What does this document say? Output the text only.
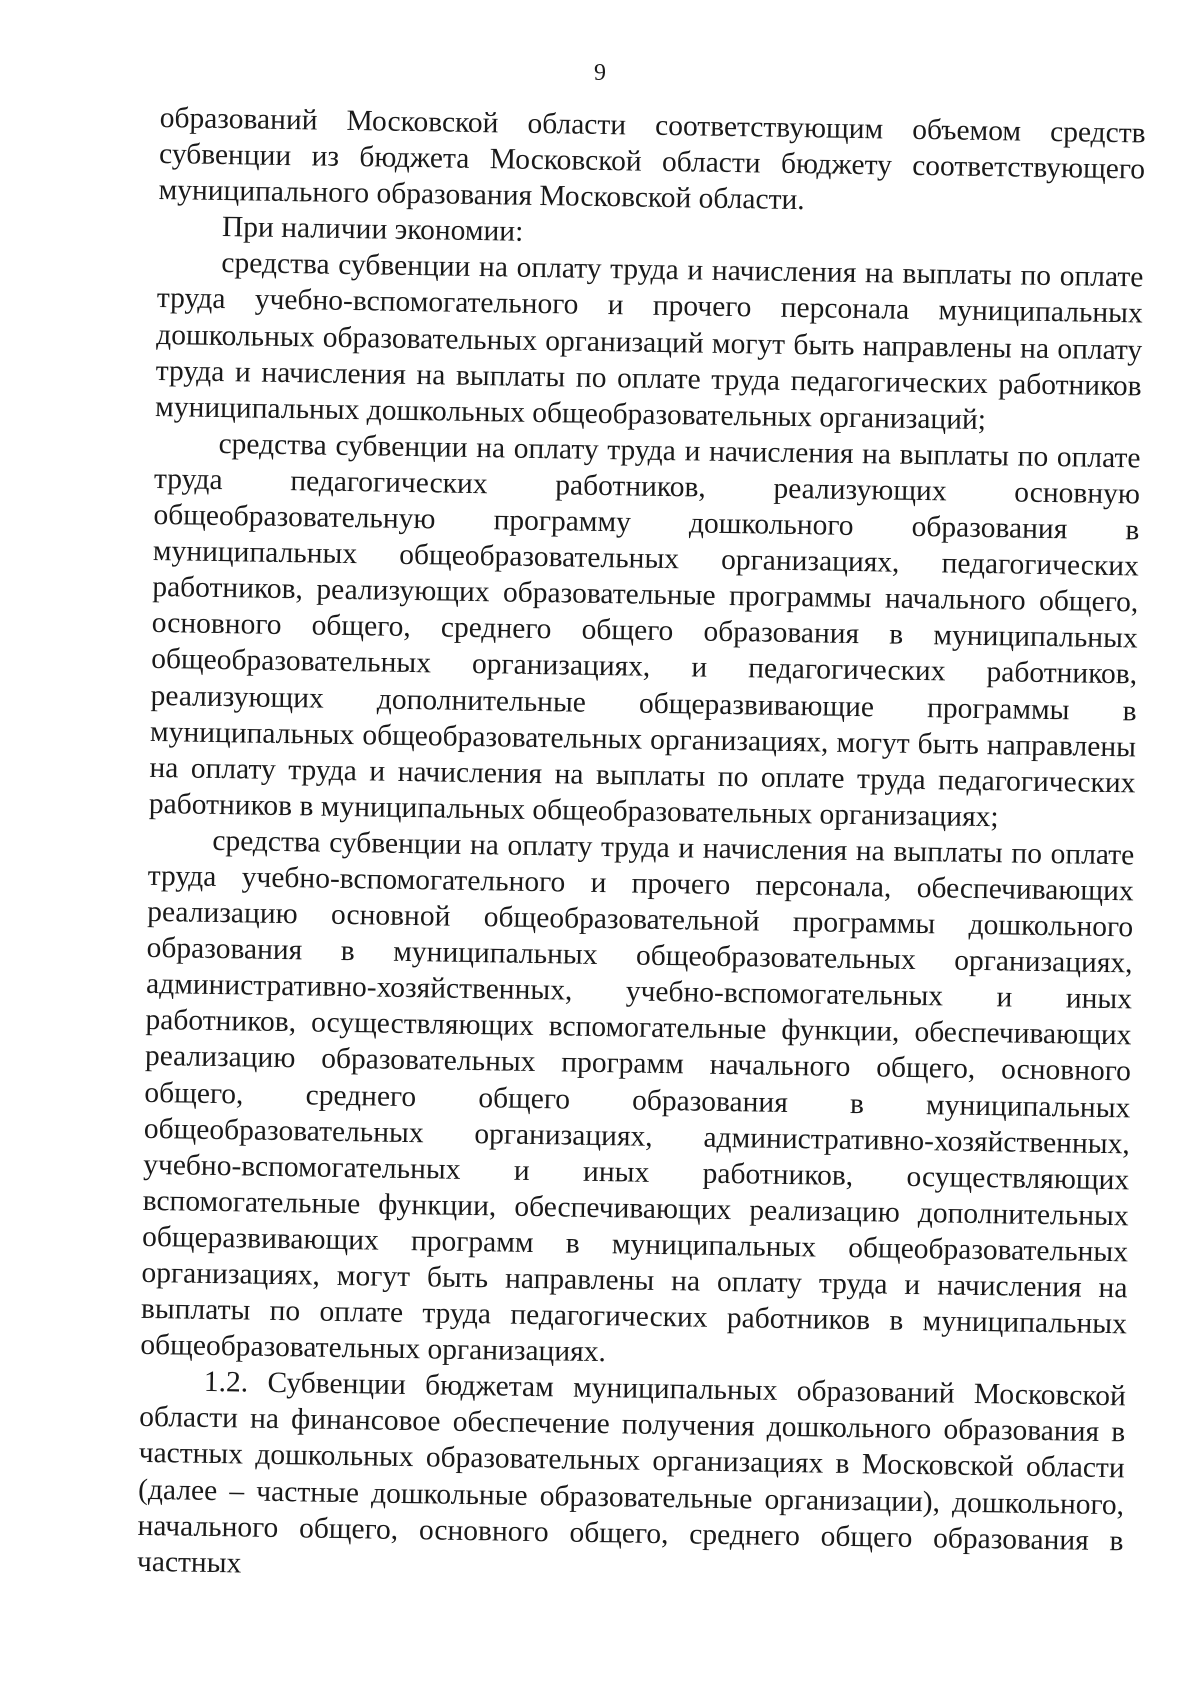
9

образований Московской области соответствующим объемом средств субвенции из бюджета Московской области бюджету соответствующего муниципального образования Московской области.

При наличии экономии:

средства субвенции на оплату труда и начисления на выплаты по оплате труда учебно-вспомогательного и прочего персонала муниципальных дошкольных образовательных организаций могут быть направлены на оплату труда и начисления на выплаты по оплате труда педагогических работников муниципальных дошкольных общеобразовательных организаций;

средства субвенции на оплату труда и начисления на выплаты по оплате труда педагогических работников, реализующих основную общеобразовательную программу дошкольного образования в муниципальных общеобразовательных организациях, педагогических работников, реализующих образовательные программы начального общего, основного общего, среднего общего образования в муниципальных общеобразовательных организациях, и педагогических работников, реализующих дополнительные общеразвивающие программы в муниципальных общеобразовательных организациях, могут быть направлены на оплату труда и начисления на выплаты по оплате труда педагогических работников в муниципальных общеобразовательных организациях;

средства субвенции на оплату труда и начисления на выплаты по оплате труда учебно-вспомогательного и прочего персонала, обеспечивающих реализацию основной общеобразовательной программы дошкольного образования в муниципальных общеобразовательных организациях, административно-хозяйственных, учебно-вспомогательных и иных работников, осуществляющих вспомогательные функции, обеспечивающих реализацию образовательных программ начального общего, основного общего, среднего общего образования в муниципальных общеобразовательных организациях, административно-хозяйственных, учебно-вспомогательных и иных работников, осуществляющих вспомогательные функции, обеспечивающих реализацию дополнительных общеразвивающих программ в муниципальных общеобразовательных организациях, могут быть направлены на оплату труда и начисления на выплаты по оплате труда педагогических работников в муниципальных общеобразовательных организациях.

1.2. Субвенции бюджетам муниципальных образований Московской области на финансовое обеспечение получения дошкольного образования в частных дошкольных образовательных организациях в Московской области (далее – частные дошкольные образовательные организации), дошкольного, начального общего, основного общего, среднего общего образования в частных
